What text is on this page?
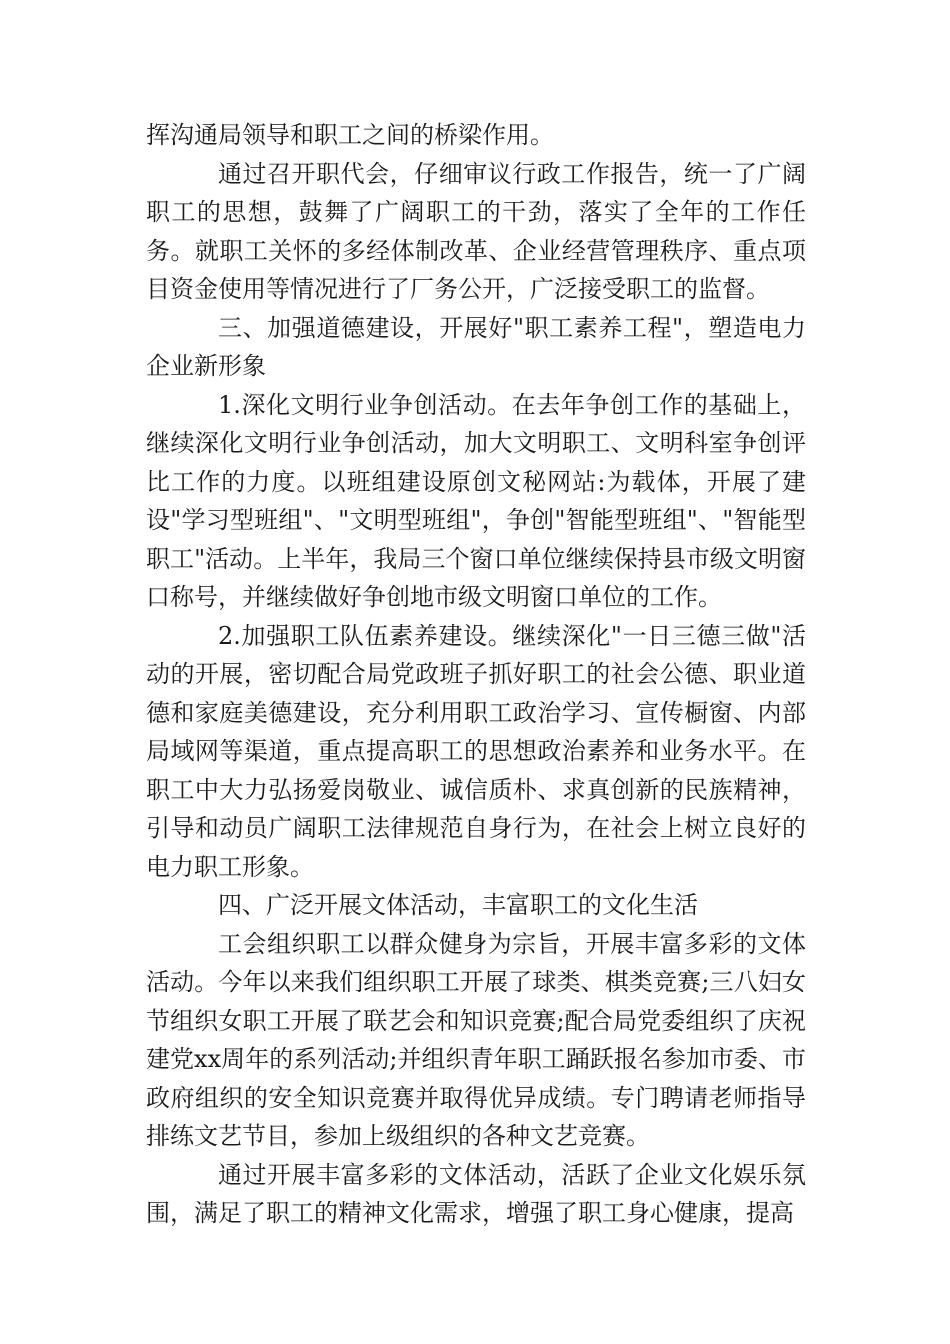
挥沟通局领导和职工之间的桥梁作用。

通过召开职代会，仔细审议行政工作报告，统一了广阔职工的思想，鼓舞了广阔职工的干劲，落实了全年的工作任务。就职工关怀的多经体制改革、企业经营管理秩序、重点项目资金使用等情况进行了厂务公开，广泛接受职工的监督。

三、加强道德建设，开展好"职工素养工程"，塑造电力企业新形象

1.深化文明行业争创活动。在去年争创工作的基础上，继续深化文明行业争创活动，加大文明职工、文明科室争创评比工作的力度。以班组建设原创文秘网站:为载体，开展了建设"学习型班组"、"文明型班组"，争创"智能型班组"、"智能型职工"活动。上半年，我局三个窗口单位继续保持县市级文明窗口称号，并继续做好争创地市级文明窗口单位的工作。

2.加强职工队伍素养建设。继续深化"一日三德三做"活动的开展，密切配合局党政班子抓好职工的社会公德、职业道德和家庭美德建设，充分利用职工政治学习、宣传橱窗、内部局域网等渠道，重点提高职工的思想政治素养和业务水平。在职工中大力弘扬爱岗敬业、诚信质朴、求真创新的民族精神，引导和动员广阔职工法律规范自身行为，在社会上树立良好的电力职工形象。

四、广泛开展文体活动，丰富职工的文化生活

工会组织职工以群众健身为宗旨，开展丰富多彩的文体活动。今年以来我们组织职工开展了球类、棋类竞赛;三八妇女节组织女职工开展了联艺会和知识竞赛;配合局党委组织了庆祝建党xx周年的系列活动;并组织青年职工踊跃报名参加市委、市政府组织的安全知识竞赛并取得优异成绩。专门聘请老师指导排练文艺节目，参加上级组织的各种文艺竞赛。

通过开展丰富多彩的文体活动，活跃了企业文化娱乐氛围，满足了职工的精神文化需求，增强了职工身心健康，提高
